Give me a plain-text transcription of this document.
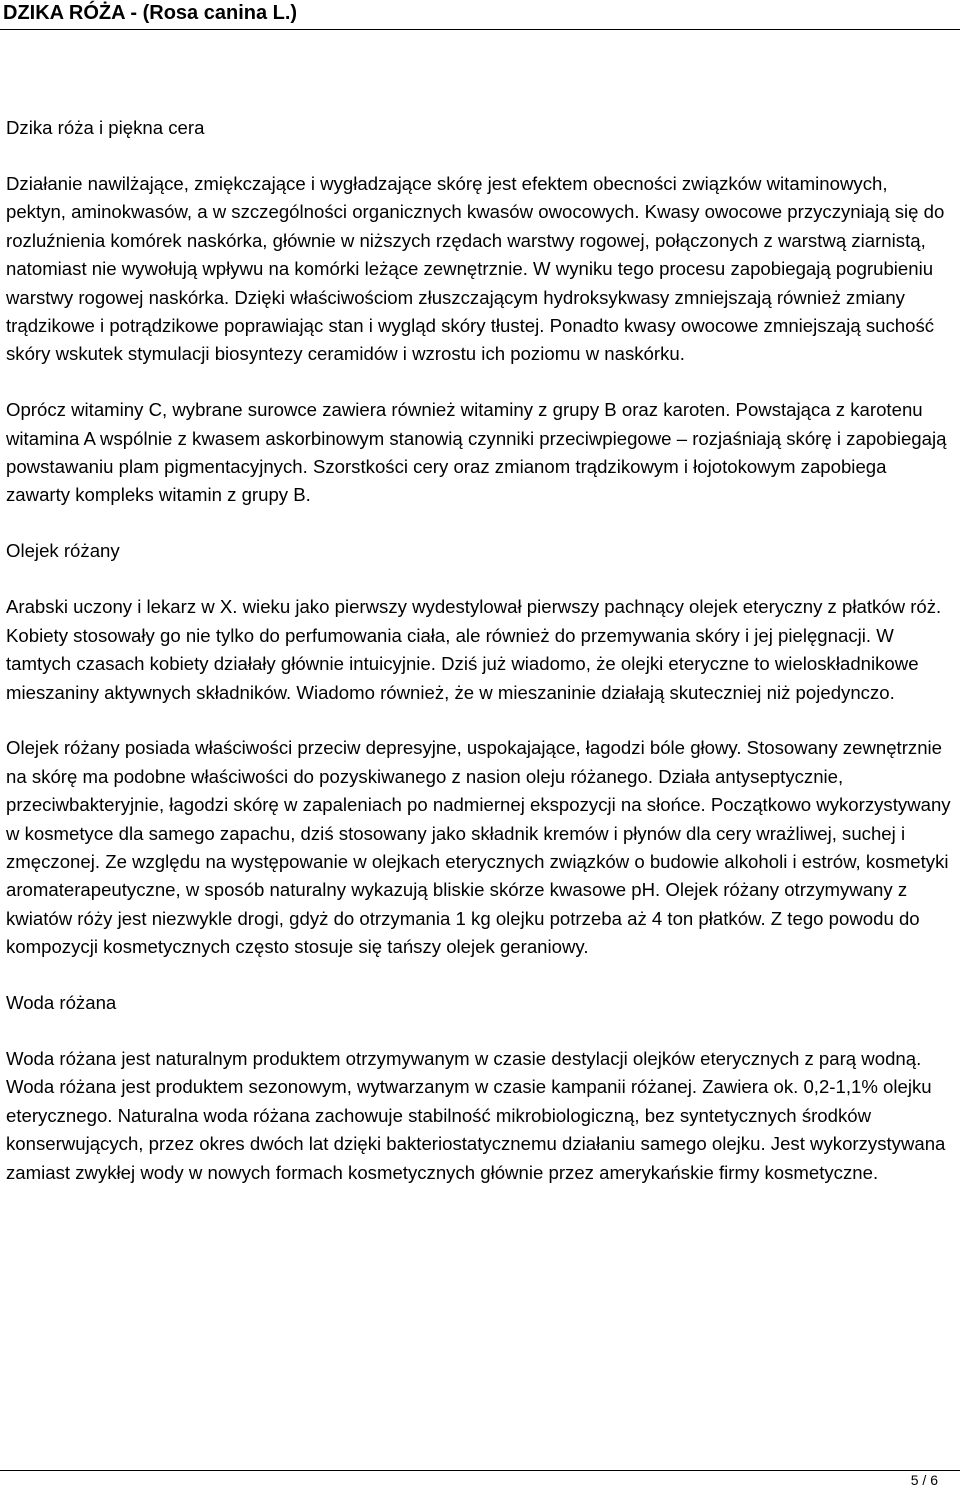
DZIKA RÓŻA - (Rosa canina L.)

Dzika róża i piękna cera

Działanie nawilżające, zmiękczające i wygładzające skórę jest efektem obecności związków witaminowych, pektyn, aminokwasów, a w szczególności organicznych kwasów owocowych. Kwasy owocowe przyczyniają się do rozluźnienia komórek naskórka, głównie w niższych rzędach warstwy rogowej, połączonych z warstwą ziarnistą, natomiast nie wywołują wpływu na komórki leżące zewnętrznie. W wyniku tego procesu zapobiegają pogrubieniu warstwy rogowej naskórka. Dzięki właściwościom złuszczającym hydroksykwasy zmniejszają również zmiany trądzikowe i potrądzikowe poprawiając stan i wygląd skóry tłustej. Ponadto kwasy owocowe zmniejszają suchość skóry wskutek stymulacji biosyntezy ceramidów i wzrostu ich poziomu w naskórku.

Oprócz witaminy C, wybrane surowce zawiera również witaminy z grupy B oraz karoten. Powstająca z karotenu witamina A wspólnie z kwasem askorbinowym stanowią czynniki przeciwpiegowe – rozjaśniają skórę i zapobiegają powstawaniu plam pigmentacyjnych. Szorstkości cery oraz zmianom trądzikowym i łojotokowym zapobiega zawarty kompleks witamin z grupy B.

Olejek różany

Arabski uczony i lekarz w X. wieku jako pierwszy wydestylował pierwszy pachnący olejek eteryczny z płatków róż. Kobiety stosowały go nie tylko do perfumowania ciała, ale również do przemywania skóry i jej pielęgnacji. W tamtych czasach kobiety działały głównie intuicyjnie. Dziś już wiadomo, że olejki eteryczne to wieloskładnikowe mieszaniny aktywnych składników. Wiadomo również, że w mieszaninie działają skuteczniej niż pojedynczo.

Olejek różany posiada właściwości przeciw depresyjne, uspokajające, łagodzi bóle głowy. Stosowany zewnętrznie na skórę ma podobne właściwości do pozyskiwanego z nasion oleju różanego. Działa antyseptycznie, przeciwbakteryjnie, łagodzi skórę w zapaleniach po nadmiernej ekspozycji na słońce. Początkowo wykorzystywany w kosmetyce dla samego zapachu, dziś stosowany jako składnik kremów i płynów dla cery wrażliwej, suchej i zmęczonej. Ze względu na występowanie w olejkach eterycznych związków o budowie alkoholi i estrów, kosmetyki aromaterapeutyczne, w sposób naturalny wykazują bliskie skórze kwasowe pH. Olejek różany otrzymywany z kwiatów róży jest niezwykle drogi, gdyż do otrzymania 1 kg olejku potrzeba aż 4 ton płatków. Z tego powodu do kompozycji kosmetycznych często stosuje się tańszy olejek geraniowy.

Woda różana

Woda różana jest naturalnym produktem otrzymywanym w czasie destylacji olejków eterycznych z parą wodną. Woda różana jest produktem sezonowym, wytwarzanym w czasie kampanii różanej. Zawiera ok. 0,2-1,1% olejku eterycznego. Naturalna woda różana zachowuje stabilność mikrobiologiczną, bez syntetycznych środków konserwujących, przez okres dwóch lat dzięki bakteriostatycznemu działaniu samego olejku. Jest wykorzystywana zamiast zwykłej wody w nowych formach kosmetycznych głównie przez amerykańskie firmy kosmetyczne.

5 / 6
